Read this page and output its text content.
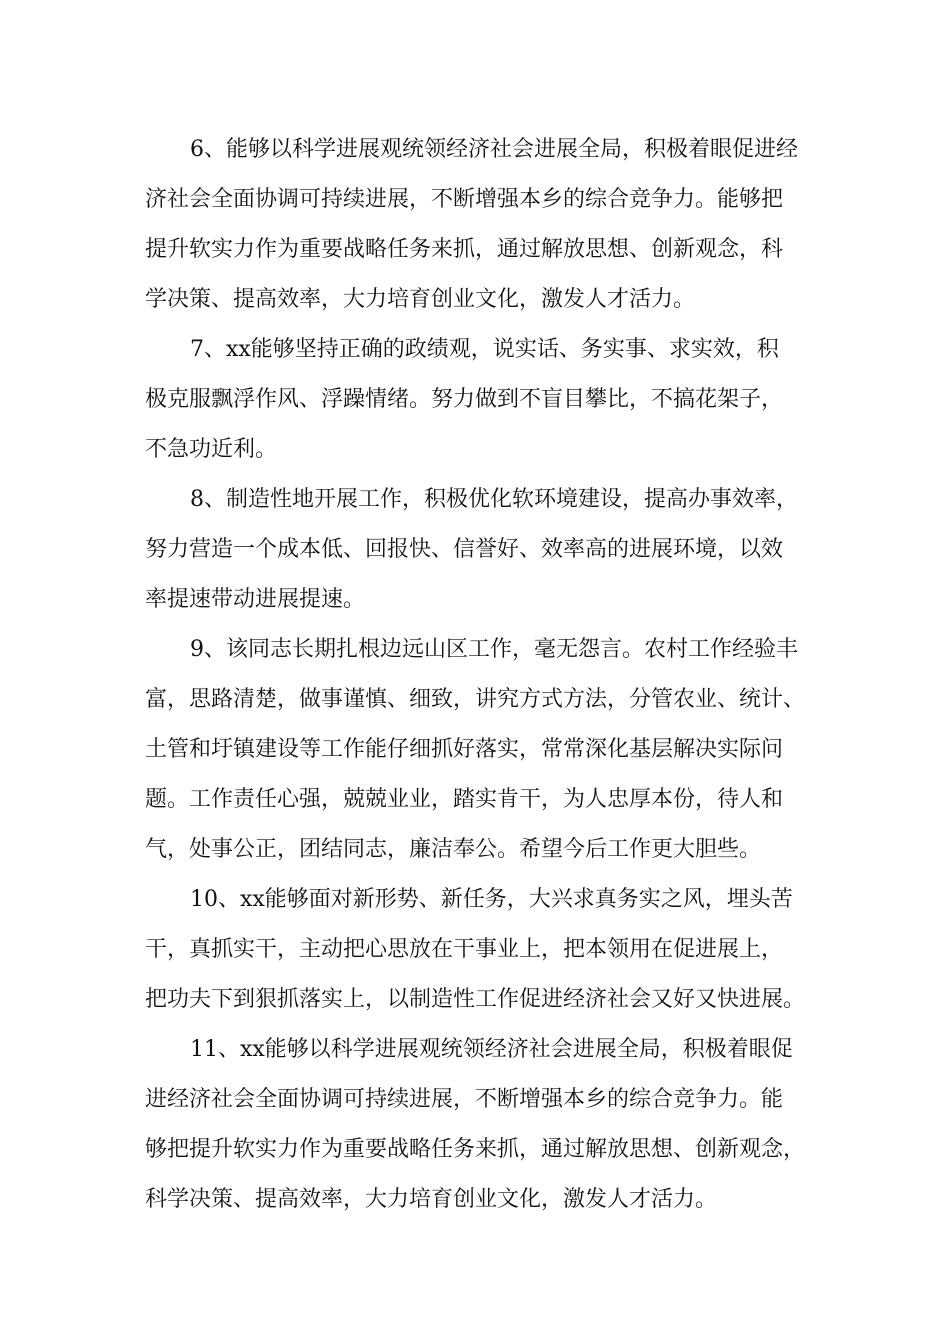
6、能够以科学进展观统领经济社会进展全局，积极着眼促进经
济社会全面协调可持续进展，不断增强本乡的综合竞争力。能够把
提升软实力作为重要战略任务来抓，通过解放思想、创新观念，科
学决策、提高效率，大力培育创业文化，激发人才活力。
7、xx能够坚持正确的政绩观，说实话、务实事、求实效，积
极克服飘浮作风、浮躁情绪。努力做到不盲目攀比，不搞花架子，
不急功近利。
8、制造性地开展工作，积极优化软环境建设，提高办事效率，
努力营造一个成本低、回报快、信誉好、效率高的进展环境，以效
率提速带动进展提速。
9、该同志长期扎根边远山区工作，毫无怨言。农村工作经验丰
富，思路清楚，做事谨慎、细致，讲究方式方法，分管农业、统计、
土管和圩镇建设等工作能仔细抓好落实，常常深化基层解决实际问
题。工作责任心强，兢兢业业，踏实肯干，为人忠厚本份，待人和
气，处事公正，团结同志，廉洁奉公。希望今后工作更大胆些。
10、xx能够面对新形势、新任务，大兴求真务实之风，埋头苦
干，真抓实干，主动把心思放在干事业上，把本领用在促进展上，
把功夫下到狠抓落实上，以制造性工作促进经济社会又好又快进展。
11、xx能够以科学进展观统领经济社会进展全局，积极着眼促
进经济社会全面协调可持续进展，不断增强本乡的综合竞争力。能
够把提升软实力作为重要战略任务来抓，通过解放思想、创新观念，
科学决策、提高效率，大力培育创业文化，激发人才活力。
